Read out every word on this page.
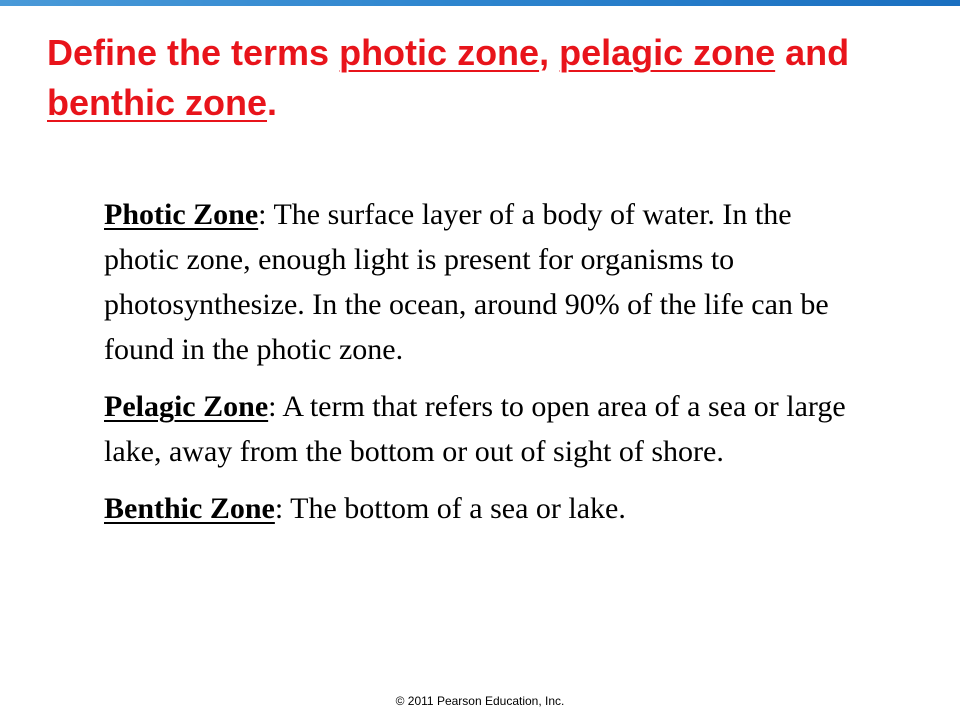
Define the terms photic zone, pelagic zone and benthic zone.

Photic Zone: The surface layer of a body of water. In the photic zone, enough light is present for organisms to photosynthesize. In the ocean, around 90% of the life can be found in the photic zone.

Pelagic Zone: A term that refers to open area of a sea or large lake, away from the bottom or out of sight of shore.

Benthic Zone: The bottom of a sea or lake.

© 2011 Pearson Education, Inc.
